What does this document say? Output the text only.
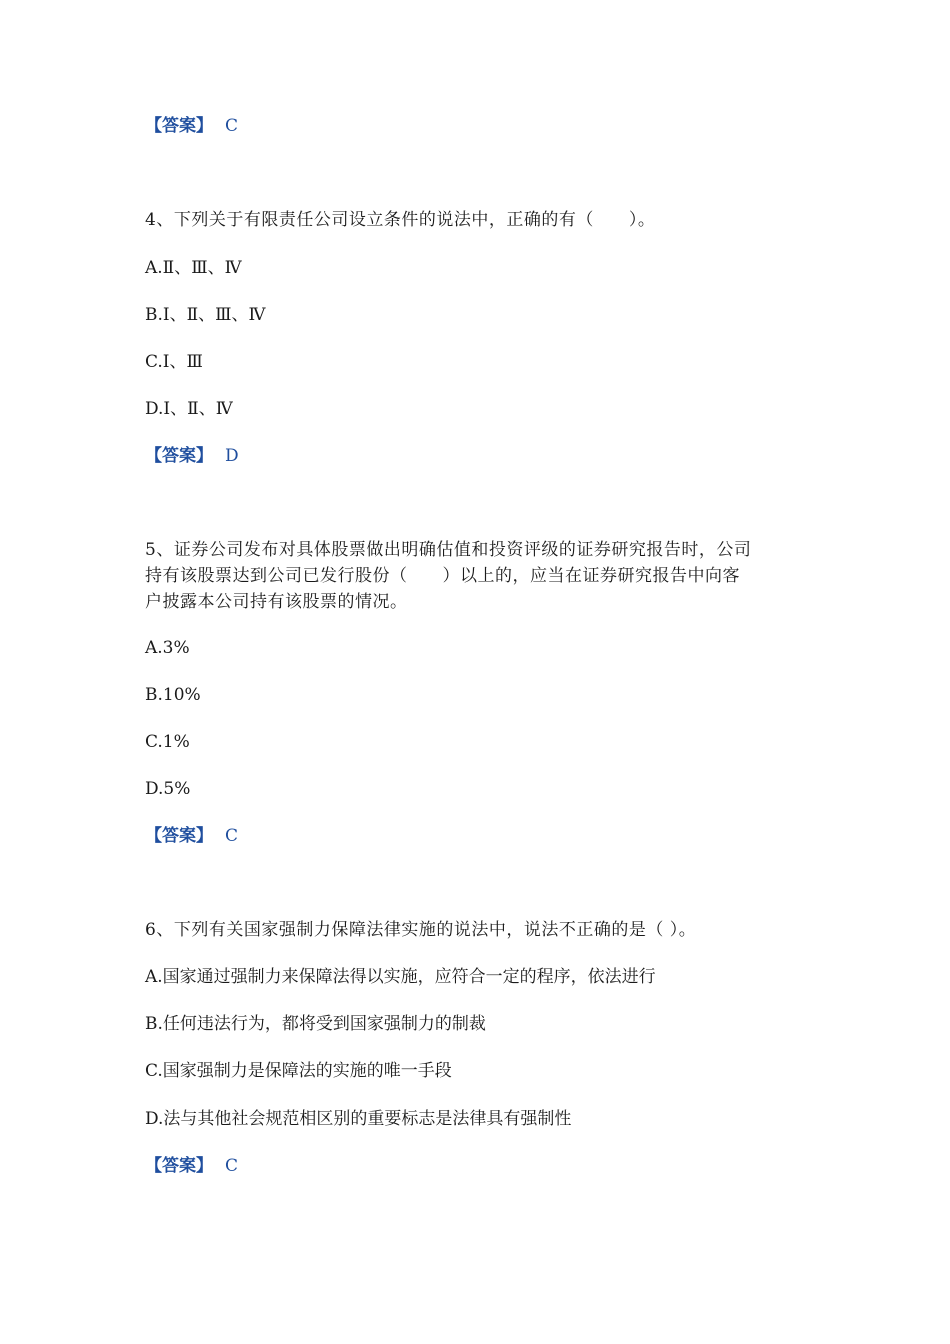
【答案】 C
4、下列关于有限责任公司设立条件的说法中，正确的有（　　）。
A.Ⅱ、Ⅲ、Ⅳ
B.Ⅰ、Ⅱ、Ⅲ、Ⅳ
C.Ⅰ、Ⅲ
D.Ⅰ、Ⅱ、Ⅳ
【答案】 D
5、证券公司发布对具体股票做出明确估值和投资评级的证券研究报告时，公司
持有该股票达到公司已发行股份（　　）以上的，应当在证券研究报告中向客
户披露本公司持有该股票的情况。
A.3%
B.10%
C.1%
D.5%
【答案】 C
6、下列有关国家强制力保障法律实施的说法中，说法不正确的是（ ）。
A.国家通过强制力来保障法得以实施，应符合一定的程序，依法进行
B.任何违法行为，都将受到国家强制力的制裁
C.国家强制力是保障法的实施的唯一手段
D.法与其他社会规范相区别的重要标志是法律具有强制性
【答案】 C
